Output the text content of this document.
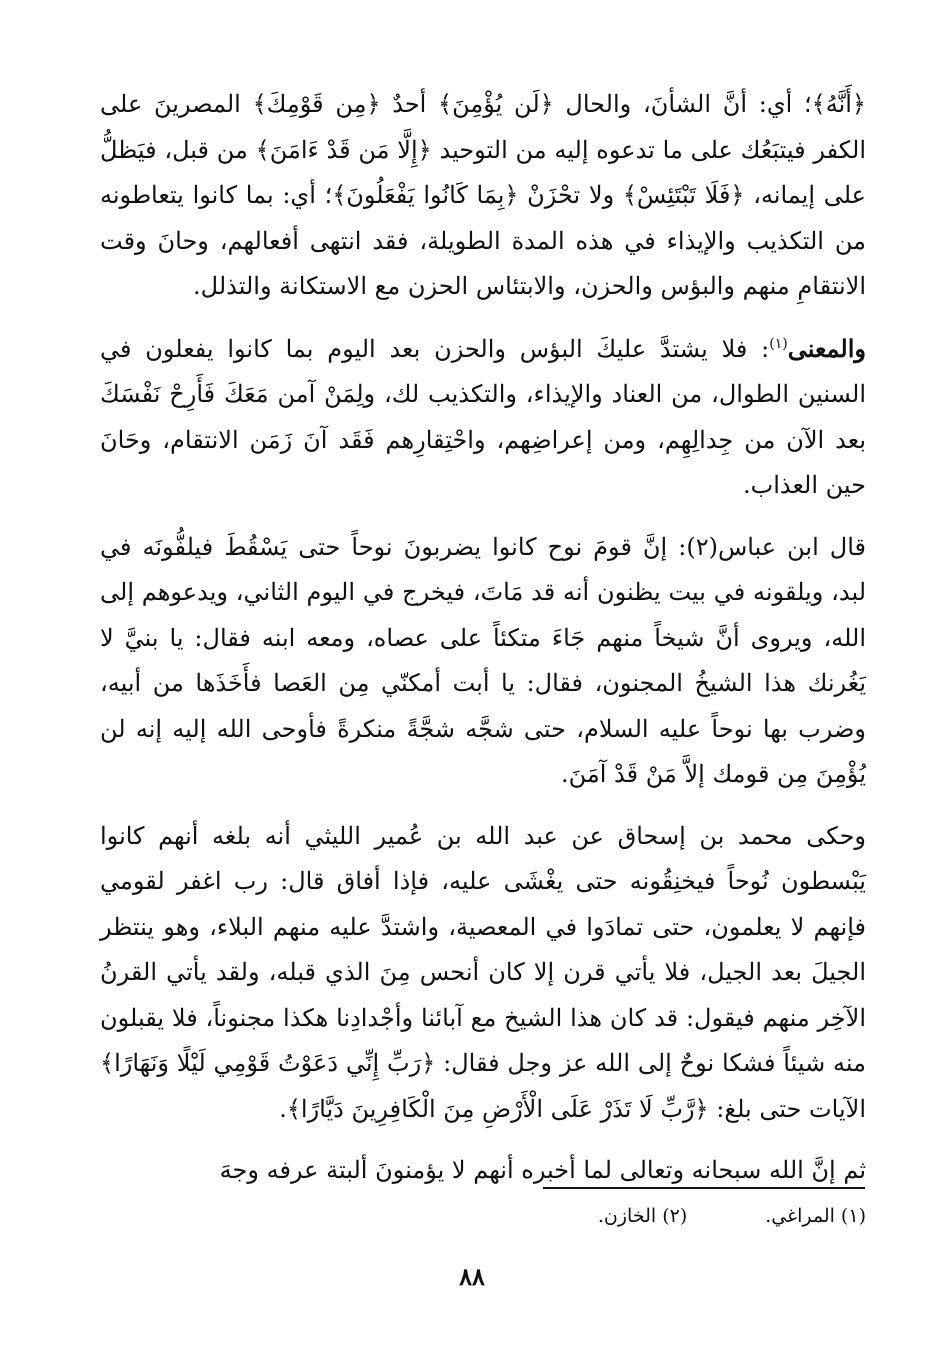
﴿أَنَّهُ﴾؛ أي: أنَّ الشأنَ، والحال ﴿لَن يُؤْمِنَ﴾ أحدٌ ﴿مِن قَوْمِكَ﴾ المصرينَ على الكفر فيتبَعُك على ما تدعوه إليه من التوحيد ﴿إِلَّا مَن قَدْ ءَامَنَ﴾ من قبل، فيَظلُّ على إيمانه، ﴿فَلَا تَبْتَئِسْ﴾ ولا تحْزَنْ ﴿بِمَا كَانُوا يَفْعَلُونَ﴾؛ أي: بما كانوا يتعاطونه من التكذيب والإيذاء في هذه المدة الطويلة، فقد انتهى أفعالهم، وحانَ وقت الانتقامِ منهم والبؤس والحزن، والابتئاس الحزن مع الاستكانة والتذلل.

والمعنى$^{(١)}$: فلا يشتدَّ عليكَ البؤس والحزن بعد اليوم بما كانوا يفعلون في السنين الطوال، من العناد والإيذاء، والتكذيب لك، ولِمَنْ آمن مَعَكَ فَأَرِحْ نَفْسَكَ بعد الآن من جِدالِهِم، ومن إعراضِهم، واحْتِقارِهم فَقَد آنَ زَمَن الانتقام، وحَانَ حين العذاب.

قال ابن عباس(٢): إنَّ قومَ نوح كانوا يضربونَ نوحاً حتى يَسْقُطَ فيلفُّونَه في لبد، ويلقونه في بيت يظنون أنه قد مَاتَ، فيخرج في اليوم الثاني، ويدعوهم إلى الله، ويروى أنَّ شيخاً منهم جَاءَ متكئاً على عصاه، ومعه ابنه فقال: يا بنيَّ لا يَغُرنك هذا الشيخُ المجنون، فقال: يا أبت أمكنّي مِن العَصا فأَخَذَها من أبيه، وضرب بها نوحاً عليه السلام، حتى شجَّه شجَّةً منكرةً فأوحى الله إليه إنه لن يُؤْمِنَ مِن قومك إلاَّ مَنْ قَدْ آمَنَ.

وحكى محمد بن إسحاق عن عبد الله بن عُمير الليثي أنه بلغه أنهم كانوا يَبْسطون نُوحاً فيخنِقُونه حتى يغْشَى عليه، فإذا أفاق قال: رب اغفر لقومي فإنهم لا يعلمون، حتى تمادَوا في المعصية، واشتدَّ عليه منهم البلاء، وهو ينتظر الجيلَ بعد الجيل، فلا يأتي قرن إلا كان أنحس مِنَ الذي قبله، ولقد يأتي القرنُ الآخِر منهم فيقول: قد كان هذا الشيخ مع آبائنا وأجْدادِنا هكذا مجنوناً، فلا يقبلون منه شيئاً فشكا نوحٌ إلى الله عز وجل فقال: ﴿رَبِّ إِنِّي دَعَوْتُ قَوْمِي لَيْلًا وَنَهَارًا﴾ الآيات حتى بلغ: ﴿رَّبِّ لَا تَذَرْ عَلَى الْأَرْضِ مِنَ الْكَافِرِينَ دَيَّارًا﴾.

ثم إنَّ الله سبحانه وتعالى لما أخبره أنهم لا يؤمنونَ ألبتة عرفه وجهَ

(١) المراغي.
(٢) الخازن.
٨٨
